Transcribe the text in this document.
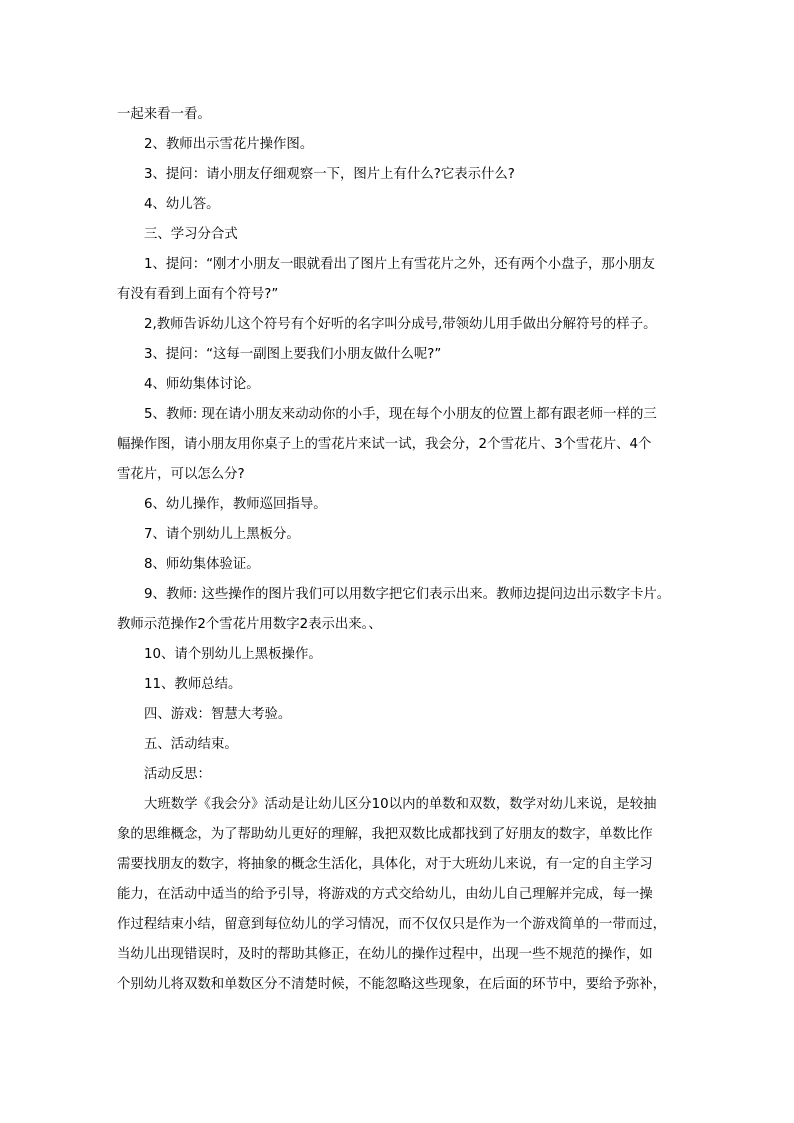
一起来看一看。
2、教师出示雪花片操作图。
3、提问：请小朋友仔细观察一下，图片上有什么?它表示什么?
4、幼儿答。
三、学习分合式
1、提问：“刚才小朋友一眼就看出了图片上有雪花片之外，还有两个小盘子，那小朋友
有没有看到上面有个符号?”
2,教师告诉幼儿这个符号有个好听的名字叫分成号,带领幼儿用手做出分解符号的样子。
3、提问：“这每一副图上要我们小朋友做什么呢?”
4、师幼集体讨论。
5、教师: 现在请小朋友来动动你的小手，现在每个小朋友的位置上都有跟老师一样的三
幅操作图，请小朋友用你桌子上的雪花片来试一试，我会分，2个雪花片、3个雪花片、4个
雪花片，可以怎么分?
6、幼儿操作，教师巡回指导。
7、请个别幼儿上黑板分。
8、师幼集体验证。
9、教师: 这些操作的图片我们可以用数字把它们表示出来。教师边提问边出示数字卡片。
教师示范操作2个雪花片用数字2表示出来。、
10、请个别幼儿上黑板操作。
11、教师总结。
四、游戏：智慧大考验。
五、活动结束。
活动反思：
大班数学《我会分》活动是让幼儿区分10以内的单数和双数，数学对幼儿来说，是较抽
象的思维概念，为了帮助幼儿更好的理解，我把双数比成都找到了好朋友的数字，单数比作
需要找朋友的数字，将抽象的概念生活化，具体化，对于大班幼儿来说，有一定的自主学习
能力，在活动中适当的给予引导，将游戏的方式交给幼儿，由幼儿自己理解并完成，每一操
作过程结束小结，留意到每位幼儿的学习情况，而不仅仅只是作为一个游戏简单的一带而过，
当幼儿出现错误时，及时的帮助其修正，在幼儿的操作过程中，出现一些不规范的操作，如
个别幼儿将双数和单数区分不清楚时候，不能忽略这些现象，在后面的环节中，要给予弥补，
